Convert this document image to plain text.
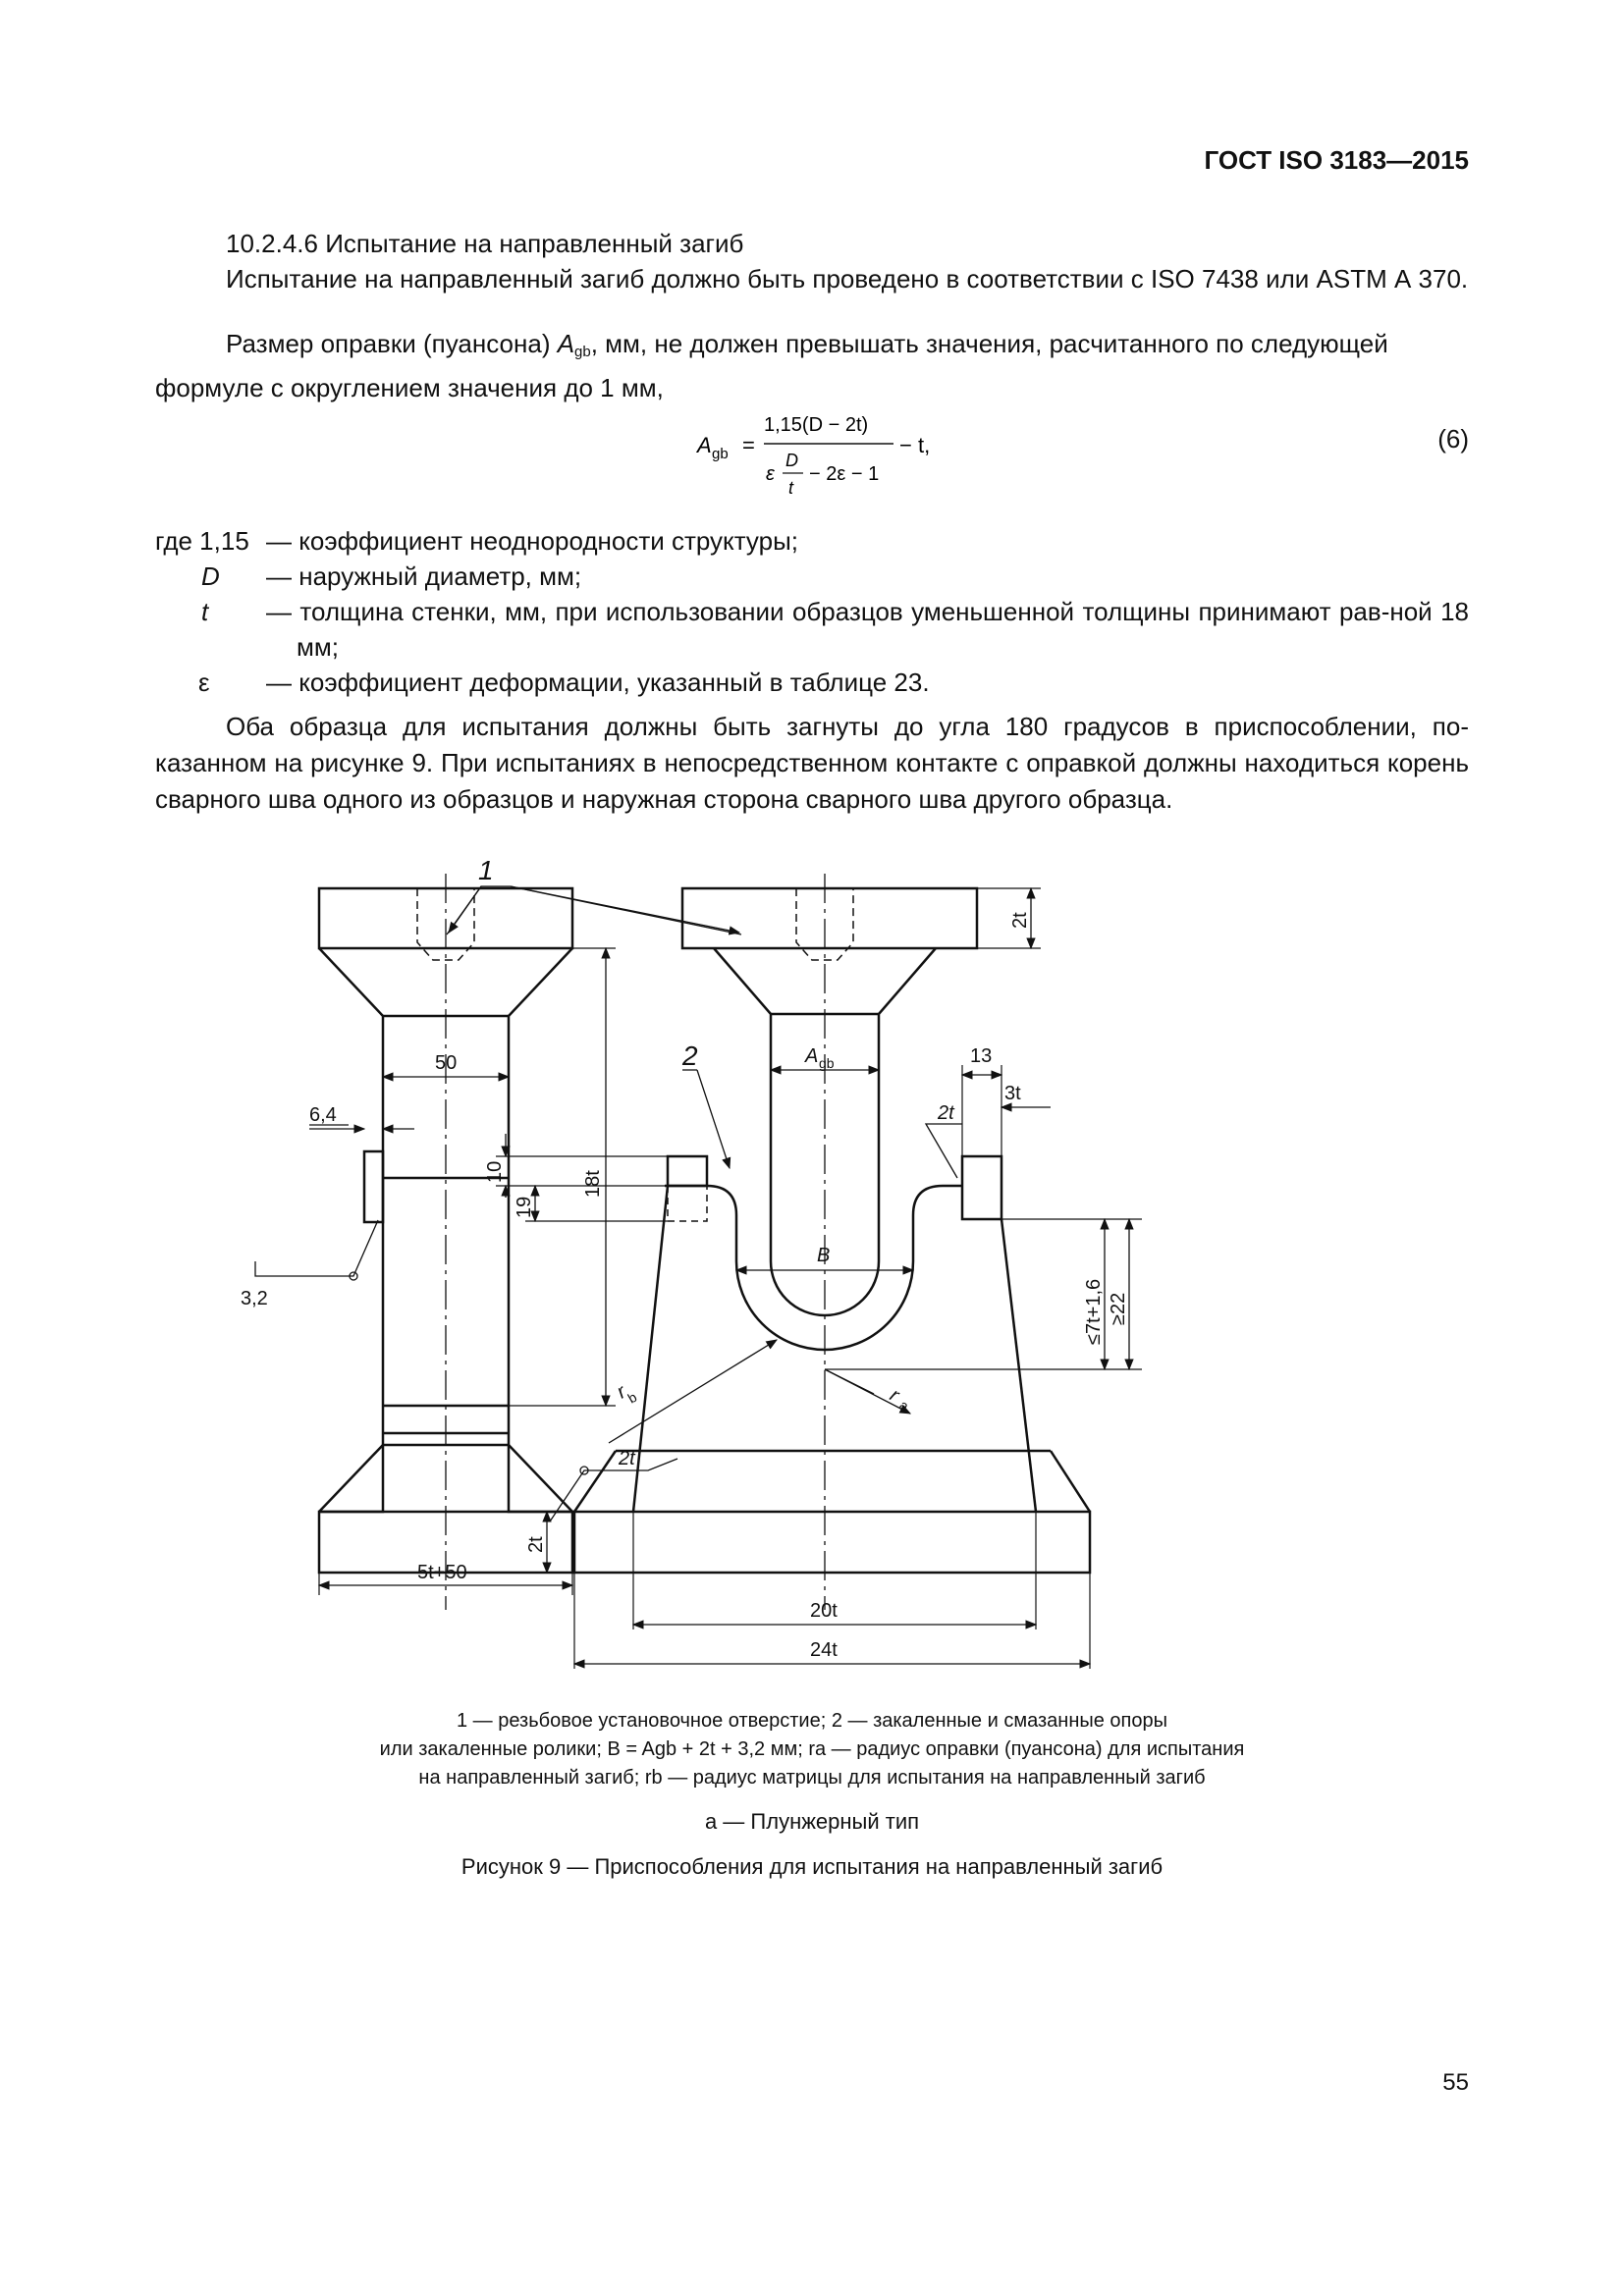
ГОСТ ISO 3183—2015
10.2.4.6 Испытание на направленный загиб
Испытание на направленный загиб должно быть проведено в соответствии с ISO 7438 или ASTM А 370.
Размер оправки (пуансона) $A_{gb}$, мм, не должен превышать значения, расчитанного по следующей формуле с округлением значения до 1 мм,
A gb =
1,15(D − 2t)
ε
D
t
− 2ε − 1
− t,	(6)
где 1,15 — коэффициент неоднородности структуры;
D	— наружный диаметр, мм;
t	— толщина стенки, мм, при использовании образцов уменьшенной толщины принимают рав-ной 18 мм;
ε	— коэффициент деформации, указанный в таблице 23.
Оба образца для испытания должны быть загнуты до угла 180 градусов в приспособлении, по-казанном на рисунке 9. При испытаниях в непосредственном контакте с оправкой должны находиться корень сварного шва одного из образцов и наружная сторона сварного шва другого образца.
50
6,4
18t
3,2
2t
5t+50
1
2t
A gb	13
3t
2
2t
10
19
B
≤7t+1,6 ≥22
r
b	r
a
2t
20t
24t
1 — резьбовое установочное отверстие; 2 — закаленные и смазанные опоры
или закаленные ролики; B = Agb + 2t + 3,2 мм; ra — радиус оправки (пуансона) для испытания
на направленный загиб; rb — радиус матрицы для испытания на направленный загиб
a — Плунжерный тип
Рисунок 9 — Приспособления для испытания на направленный загиб
55
